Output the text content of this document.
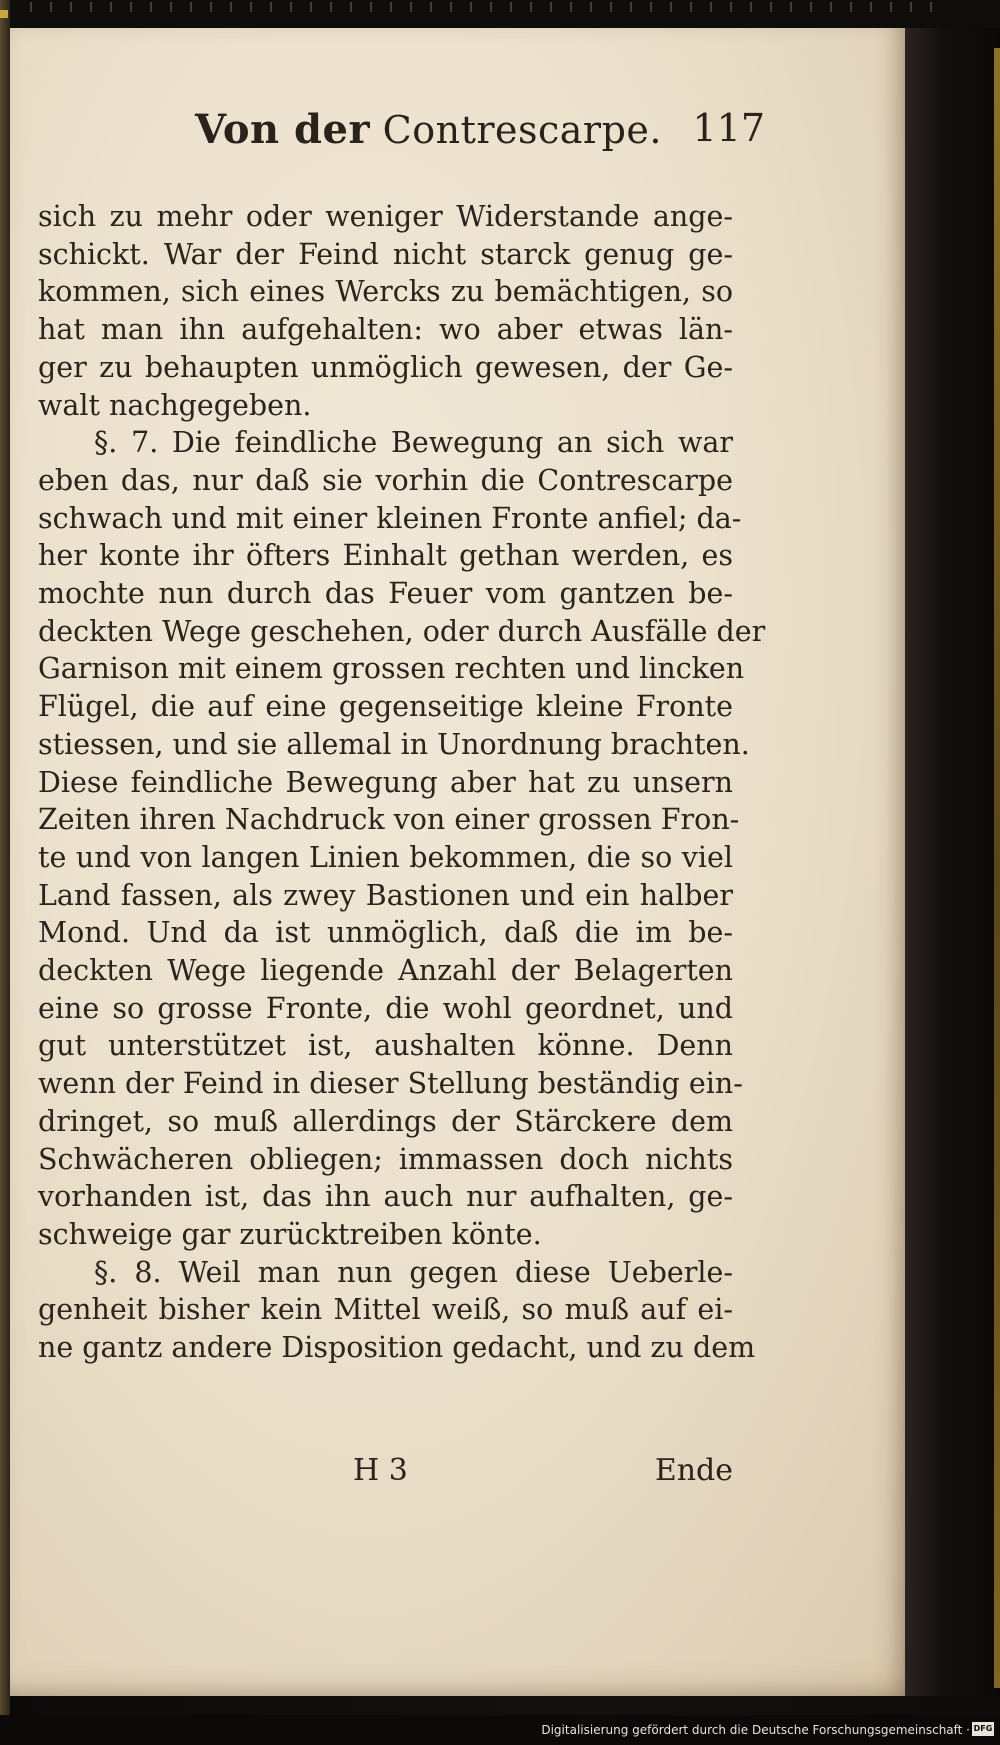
Von der Contrescarpe. 117
sich zu mehr oder weniger Widerstande ange-
schickt. War der Feind nicht starck genug ge-
kommen, sich eines Wercks zu bemächtigen, so
hat man ihn aufgehalten: wo aber etwas län-
ger zu behaupten unmöglich gewesen, der Ge-
walt nachgegeben.
§. 7. Die feindliche Bewegung an sich war
eben das, nur daß sie vorhin die Contrescarpe
schwach und mit einer kleinen Fronte anfiel; da-
her konte ihr öfters Einhalt gethan werden, es
mochte nun durch das Feuer vom gantzen be-
deckten Wege geschehen, oder durch Ausfälle der
Garnison mit einem grossen rechten und lincken
Flügel, die auf eine gegenseitige kleine Fronte
stiessen, und sie allemal in Unordnung brachten.
Diese feindliche Bewegung aber hat zu unsern
Zeiten ihren Nachdruck von einer grossen Fron-
te und von langen Linien bekommen, die so viel
Land fassen, als zwey Bastionen und ein halber
Mond. Und da ist unmöglich, daß die im be-
deckten Wege liegende Anzahl der Belagerten
eine so grosse Fronte, die wohl geordnet, und
gut unterstützet ist, aushalten könne. Denn
wenn der Feind in dieser Stellung beständig ein-
dringet, so muß allerdings der Stärckere dem
Schwächeren obliegen; immassen doch nichts
vorhanden ist, das ihn auch nur aufhalten, ge-
schweige gar zurücktreiben könte.
§. 8. Weil man nun gegen diese Ueberle-
genheit bisher kein Mittel weiß, so muß auf ei-
ne gantz andere Disposition gedacht, und zu dem
H 3	Ende
Digitalisierung gefördert durch die Deutsche Forschungsgemeinschaft · DFG
